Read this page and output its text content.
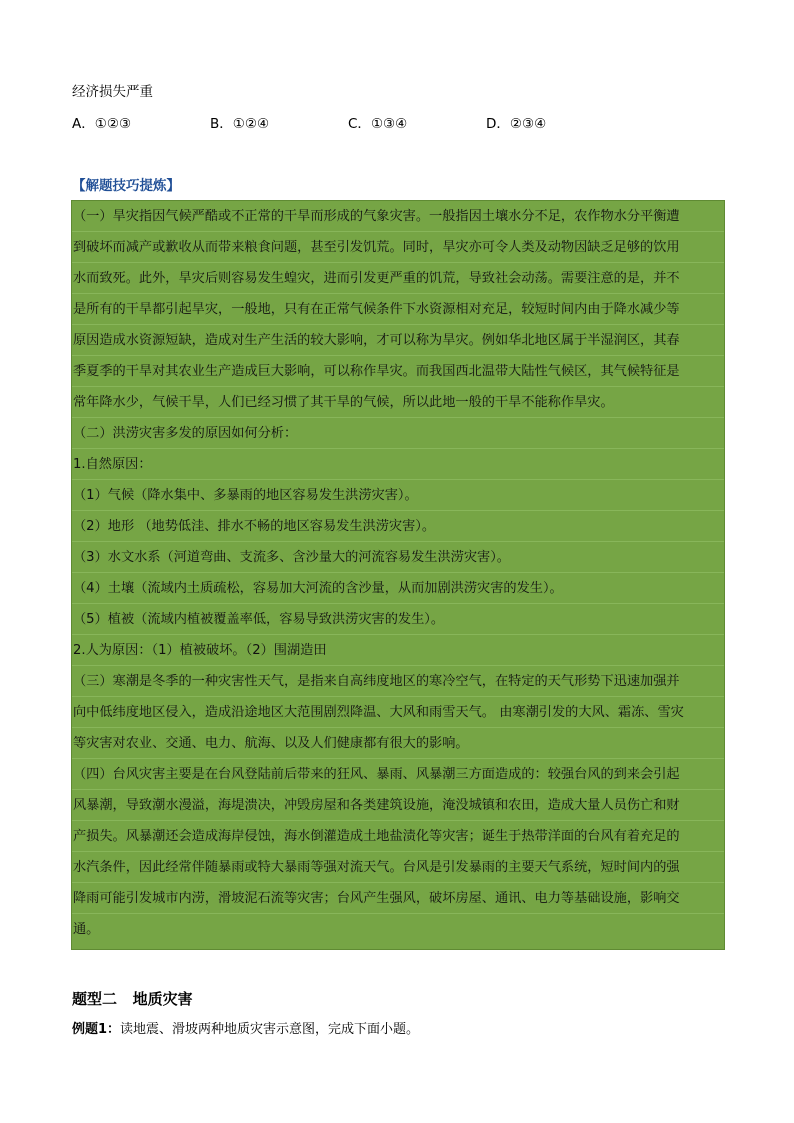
经济损失严重
A．①②③	B．①②④	C．①③④	D．②③④
【解题技巧提炼】
（一）旱灾指因气候严酷或不正常的干旱而形成的气象灾害。一般指因土壤水分不足，农作物水分平衡遭
到破坏而减产或歉收从而带来粮食问题，甚至引发饥荒。同时，旱灾亦可令人类及动物因缺乏足够的饮用
水而致死。此外，旱灾后则容易发生蝗灾，进而引发更严重的饥荒，导致社会动荡。需要注意的是，并不
是所有的干旱都引起旱灾，一般地，只有在正常气候条件下水资源相对充足，较短时间内由于降水减少等
原因造成水资源短缺，造成对生产生活的较大影响，才可以称为旱灾。例如华北地区属于半湿润区，其春
季夏季的干旱对其农业生产造成巨大影响，可以称作旱灾。而我国西北温带大陆性气候区，其气候特征是
常年降水少，气候干旱，人们已经习惯了其干旱的气候，所以此地一般的干旱不能称作旱灾。
（二）洪涝灾害多发的原因如何分析：
1.自然原因：
（1）气候（降水集中、多暴雨的地区容易发生洪涝灾害）。
（2）地形 （地势低洼、排水不畅的地区容易发生洪涝灾害）。
（3）水文水系（河道弯曲、支流多、含沙量大的河流容易发生洪涝灾害）。
（4）土壤（流域内土质疏松，容易加大河流的含沙量，从而加剧洪涝灾害的发生）。
（5）植被（流域内植被覆盖率低，容易导致洪涝灾害的发生）。
2.人为原因：（1）植被破坏。（2）围湖造田
（三）寒潮是冬季的一种灾害性天气，是指来自高纬度地区的寒冷空气，在特定的天气形势下迅速加强并
向中低纬度地区侵入，造成沿途地区大范围剧烈降温、大风和雨雪天气。 由寒潮引发的大风、霜冻、雪灾
等灾害对农业、交通、电力、航海、以及人们健康都有很大的影响。
（四）台风灾害主要是在台风登陆前后带来的狂风、暴雨、风暴潮三方面造成的：较强台风的到来会引起
风暴潮，导致潮水漫溢，海堤溃决，冲毁房屋和各类建筑设施，淹没城镇和农田，造成大量人员伤亡和财
产损失。风暴潮还会造成海岸侵蚀，海水倒灌造成土地盐渍化等灾害；诞生于热带洋面的台风有着充足的
水汽条件，因此经常伴随暴雨或特大暴雨等强对流天气。台风是引发暴雨的主要天气系统，短时间内的强
降雨可能引发城市内涝，滑坡泥石流等灾害；台风产生强风，破坏房屋、通讯、电力等基础设施，影响交
通。
题型二   地质灾害
例题1：读地震、滑坡两种地质灾害示意图，完成下面小题。
